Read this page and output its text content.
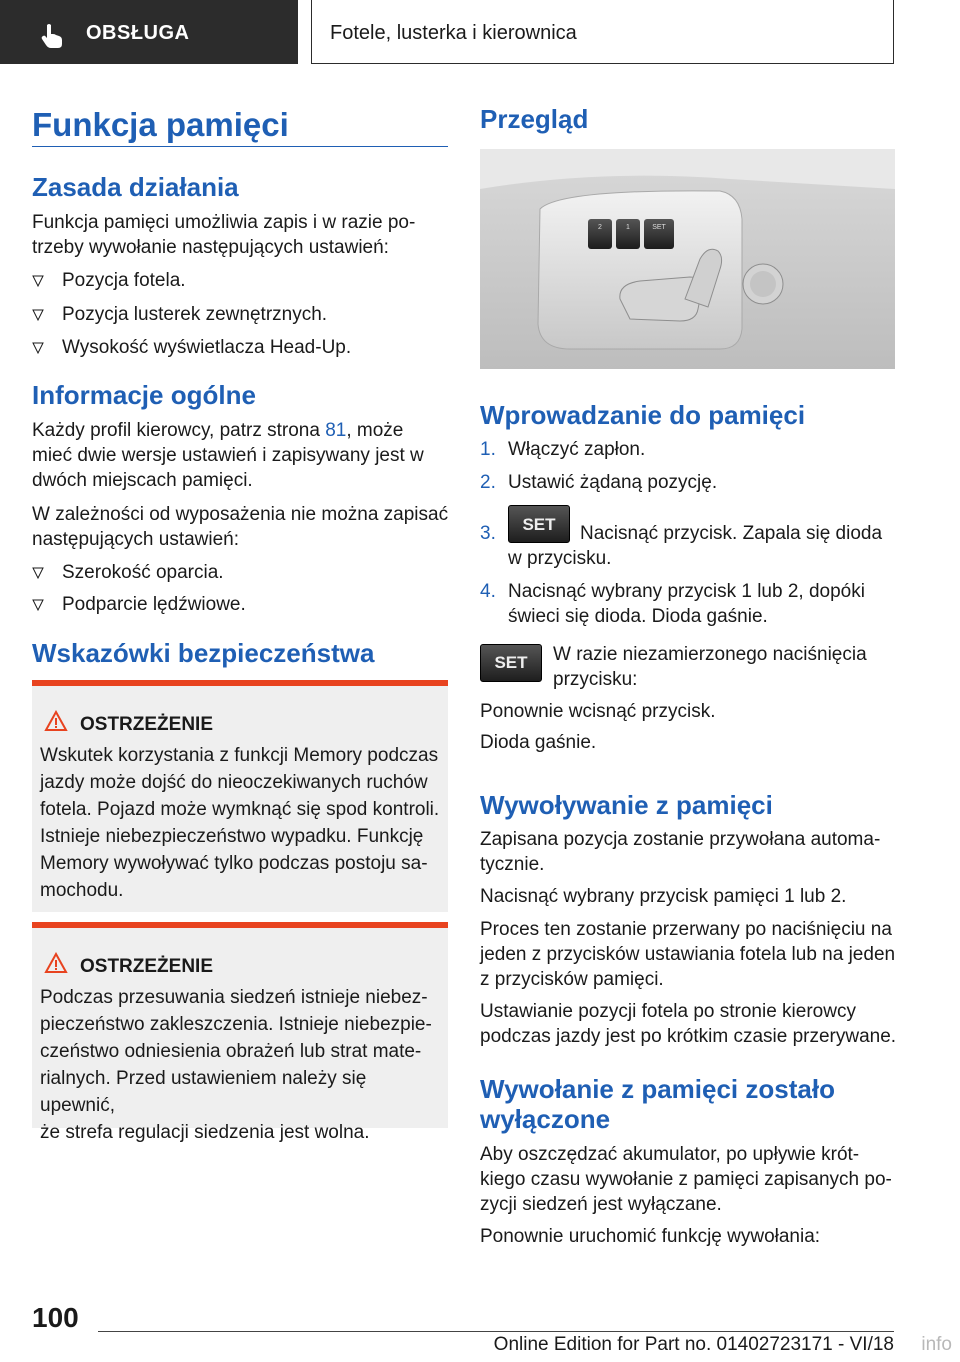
OBSŁUGA	Fotele, lusterka i kierownica
Funkcja pamięci
Zasada działania
Funkcja pamięci umożliwia zapis i w razie po-
trzeby wywołanie następujących ustawień:
Pozycja fotela.
Pozycja lusterek zewnętrznych.
Wysokość wyświetlacza Head-Up.
Informacje ogólne
Każdy profil kierowcy, patrz strona 81, może
mieć dwie wersje ustawień i zapisywany jest w
dwóch miejscach pamięci.
W zależności od wyposażenia nie można zapisać
następujących ustawień:
Szerokość oparcia.
Podparcie lędźwiowe.
Wskazówki bezpieczeństwa
OSTRZEŻENIE
Wskutek korzystania z funkcji Memory podczas
jazdy może dojść do nieoczekiwanych ruchów
fotela. Pojazd może wymknąć się spod kontroli.
Istnieje niebezpieczeństwo wypadku. Funkcję
Memory wywoływać tylko podczas postoju sa-
mochodu.
OSTRZEŻENIE
Podczas przesuwania siedzeń istnieje niebez-
pieczeństwo zakleszczenia. Istnieje niebezpie-
czeństwo odniesienia obrażeń lub strat mate-
rialnych. Przed ustawieniem należy się upewnić,
że strefa regulacji siedzenia jest wolna.
Przegląd
2	1	SET
Wprowadzanie do pamięci
1. Włączyć zapłon.
2. Ustawić żądaną pozycję.
3.	SET	Nacisnąć przycisk. Zapala się dioda
w przycisku.
4. Nacisnąć wybrany przycisk 1 lub 2, dopóki
świeci się dioda. Dioda gaśnie.
SET	W razie niezamierzonego naciśnięcia
przycisku:
Ponownie wcisnąć przycisk.
Dioda gaśnie.
Wywoływanie z pamięci
Zapisana pozycja zostanie przywołana automa-
tycznie.
Nacisnąć wybrany przycisk pamięci 1 lub 2.
Proces ten zostanie przerwany po naciśnięciu na
jeden z przycisków ustawiania fotela lub na jeden
z przycisków pamięci.
Ustawianie pozycji fotela po stronie kierowcy
podczas jazdy jest po krótkim czasie przerywane.
Wywołanie z pamięci zostało
wyłączone
Aby oszczędzać akumulator, po upływie krót-
kiego czasu wywołanie z pamięci zapisanych po-
zycji siedzeń jest wyłączane.
Ponownie uruchomić funkcję wywołania:
100
Online Edition for Part no. 01402723171 - VI/18 info
